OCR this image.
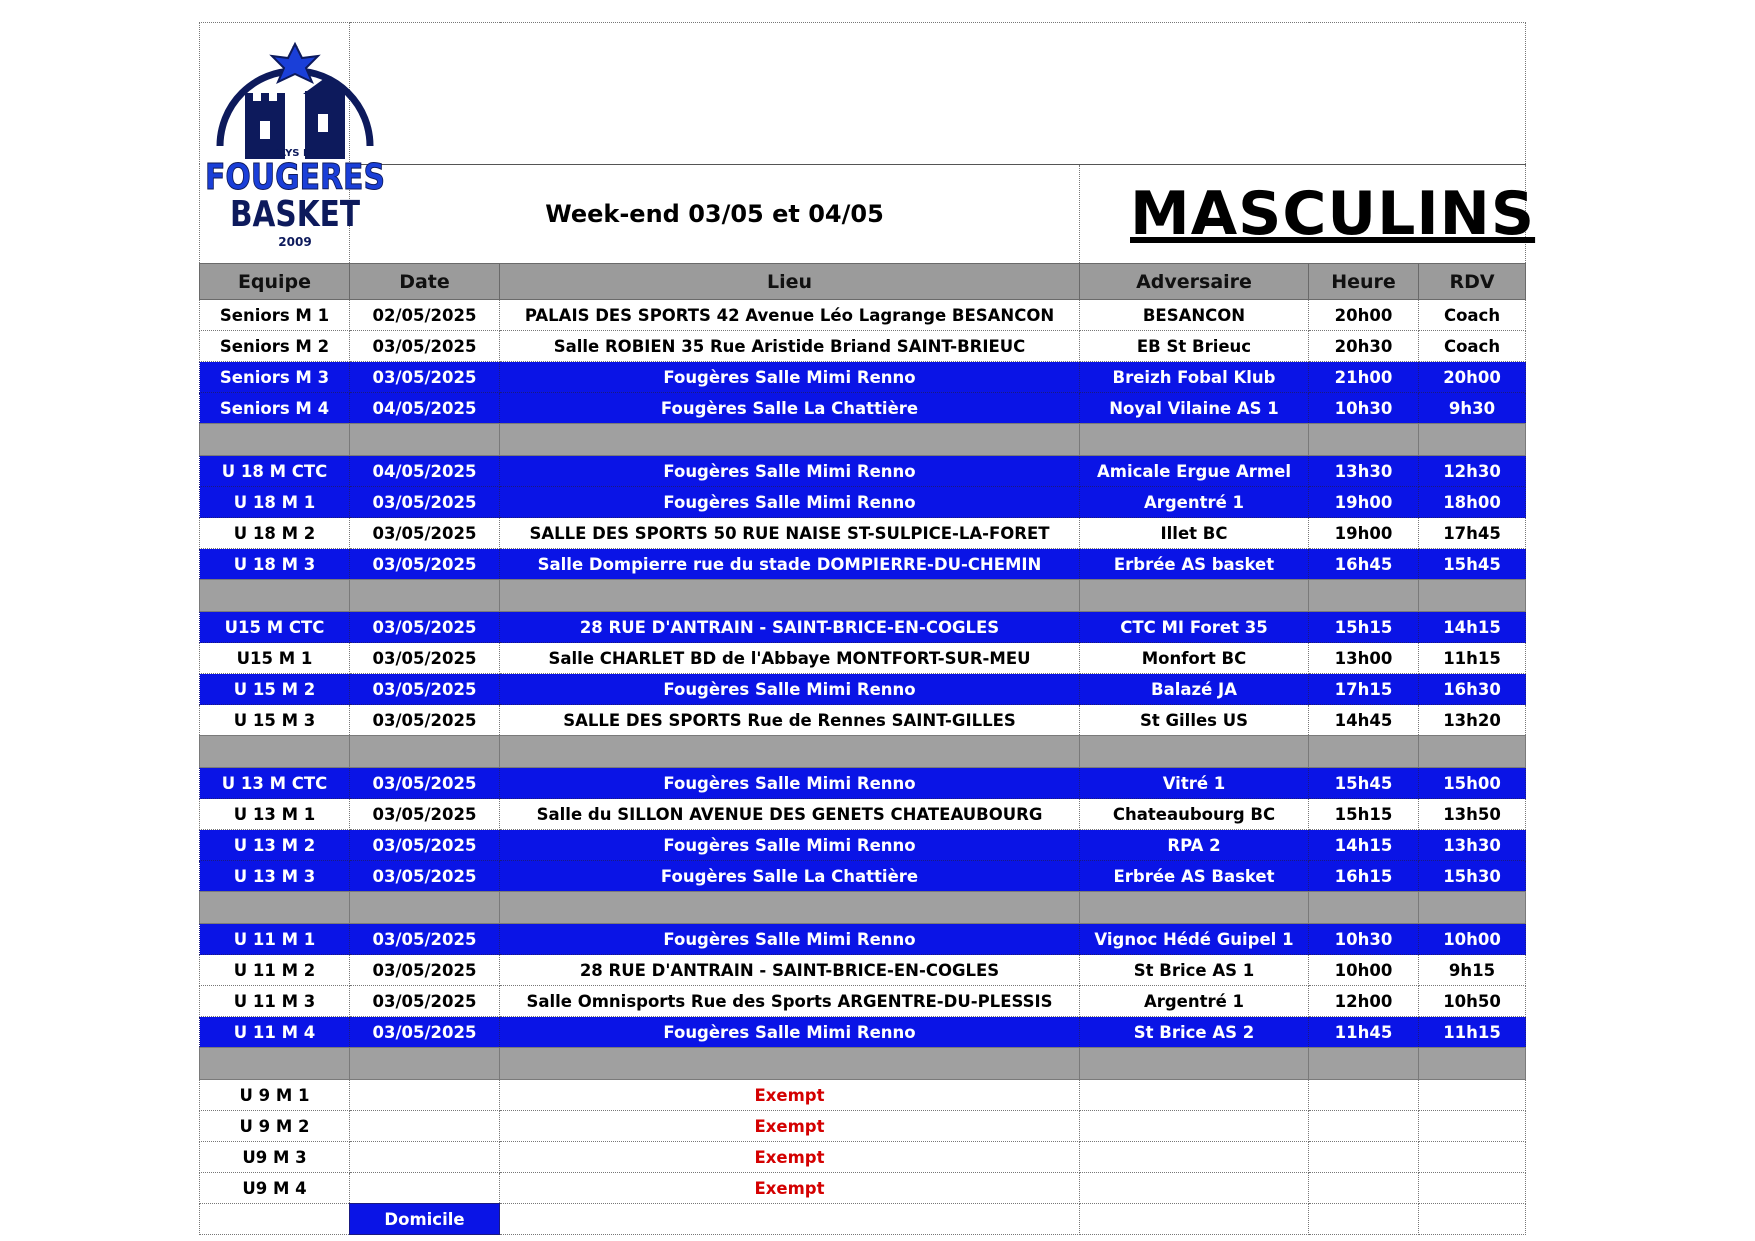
PAYS DE
FOUGERES
BASKET
2009					

	Week-end 03/05 et 04/05		MASCULINS		
Equipe	Date	Lieu	Adversaire	Heure	RDV
Seniors M 1	02/05/2025	PALAIS DES SPORTS 42 Avenue Léo Lagrange BESANCON	BESANCON	20h00	Coach
Seniors M 2	03/05/2025	Salle ROBIEN 35 Rue Aristide Briand SAINT-BRIEUC	EB St Brieuc	20h30	Coach
Seniors M 3	03/05/2025	Fougères Salle Mimi Renno	Breizh Fobal Klub	21h00	20h00
Seniors M 4	04/05/2025	Fougères Salle La Chattière	Noyal Vilaine AS 1	10h30	9h30

U 18 M CTC	04/05/2025	Fougères Salle Mimi Renno	Amicale Ergue Armel	13h30	12h30
U 18 M 1	03/05/2025	Fougères Salle Mimi Renno	Argentré 1	19h00	18h00
U 18 M 2	03/05/2025	SALLE DES SPORTS 50 RUE NAISE ST-SULPICE-LA-FORET	Illet BC	19h00	17h45
U 18 M 3	03/05/2025	Salle Dompierre rue du stade DOMPIERRE-DU-CHEMIN	Erbrée AS basket	16h45	15h45

U15 M CTC	03/05/2025	28 RUE D'ANTRAIN - SAINT-BRICE-EN-COGLES	CTC MI Foret 35	15h15	14h15
U15 M 1	03/05/2025	Salle CHARLET BD de l'Abbaye MONTFORT-SUR-MEU	Monfort BC	13h00	11h15
U 15 M 2	03/05/2025	Fougères Salle Mimi Renno	Balazé JA	17h15	16h30
U 15 M 3	03/05/2025	SALLE DES SPORTS Rue de Rennes SAINT-GILLES	St Gilles US	14h45	13h20

U 13 M CTC	03/05/2025	Fougères Salle Mimi Renno	Vitré 1	15h45	15h00
U 13 M 1	03/05/2025	Salle du SILLON AVENUE DES GENETS CHATEAUBOURG	Chateaubourg BC	15h15	13h50
U 13 M 2	03/05/2025	Fougères Salle Mimi Renno	RPA 2	14h15	13h30
U 13 M 3	03/05/2025	Fougères Salle La Chattière	Erbrée AS Basket	16h15	15h30

U 11 M 1	03/05/2025	Fougères Salle Mimi Renno	Vignoc Hédé Guipel 1	10h30	10h00
U 11 M 2	03/05/2025	28 RUE D'ANTRAIN - SAINT-BRICE-EN-COGLES	St Brice AS 1	10h00	9h15
U 11 M 3	03/05/2025	Salle Omnisports Rue des Sports ARGENTRE-DU-PLESSIS	Argentré 1	12h00	10h50
U 11 M 4	03/05/2025	Fougères Salle Mimi Renno	St Brice AS 2	11h45	11h15

U 9 M 1		Exempt			
U 9 M 2		Exempt			
U9 M 3		Exempt			
U9 M 4		Exempt			
	Domicile				
